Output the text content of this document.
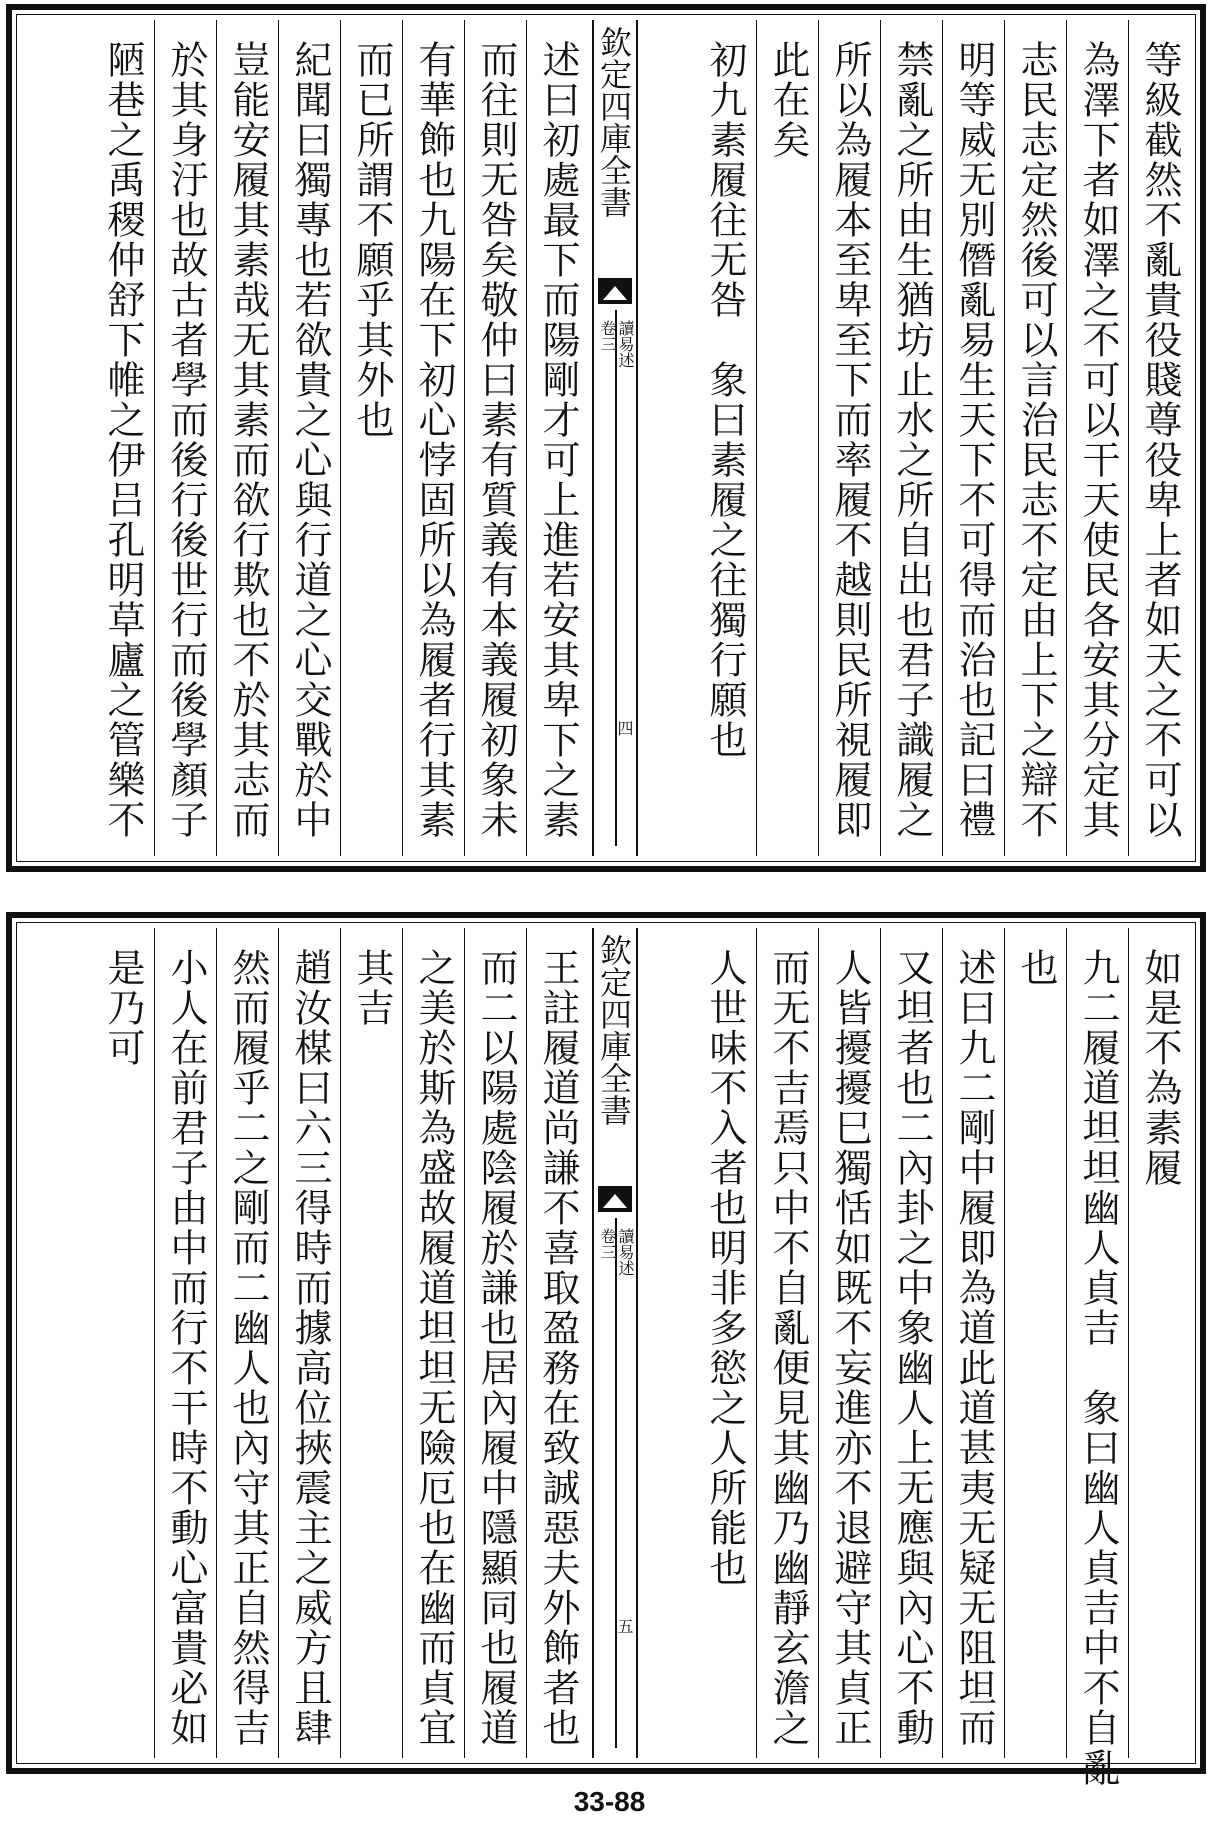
等級截然不亂貴役賤尊役卑上者如天之不可以
為澤下者如澤之不可以干天使民各安其分定其
志民志定然後可以言治民志不定由上下之辯不
明等威无別僭亂易生天下不可得而治也記曰禮
禁亂之所由生猶坊止水之所自出也君子識履之
所以為履本至卑至下而率履不越則民所視履即
此在矣
初九素履往无咎　象曰素履之往獨行願也
欽定四庫全書
讀易述
卷三
四
述曰初處最下而陽剛才可上進若安其卑下之素
而往則无咎矣敬仲曰素有質義有本義履初象未
有華飾也九陽在下初心悖固所以為履者行其素
而已所謂不願乎其外也
紀聞曰獨專也若欲貴之心與行道之心交戰於中
豈能安履其素哉无其素而欲行欺也不於其志而
於其身汙也故古者學而後行後世行而後學顏子
陋巷之禹稷仲舒下帷之伊吕孔明草廬之管樂不
如是不為素履
九二履道坦坦幽人貞吉　象曰幽人貞吉中不自亂
也
述曰九二剛中履即為道此道甚夷无疑无阻坦而
又坦者也二內卦之中象幽人上无應與內心不動
人皆擾擾巳獨恬如既不妄進亦不退避守其貞正
而无不吉焉只中不自亂便見其幽乃幽靜玄澹之
人世味不入者也明非多慾之人所能也
欽定四庫全書
讀易述
卷三
五
王註履道尚謙不喜取盈務在致誠惡夫外飾者也
而二以陽處陰履於謙也居內履中隱顯同也履道
之美於斯為盛故履道坦坦无險厄也在幽而貞宜
其吉
趙汝楳曰六三得時而據高位挾震主之威方且肆
然而履乎二之剛而二幽人也內守其正自然得吉
小人在前君子由中而行不干時不動心富貴必如
是乃可
33-88
